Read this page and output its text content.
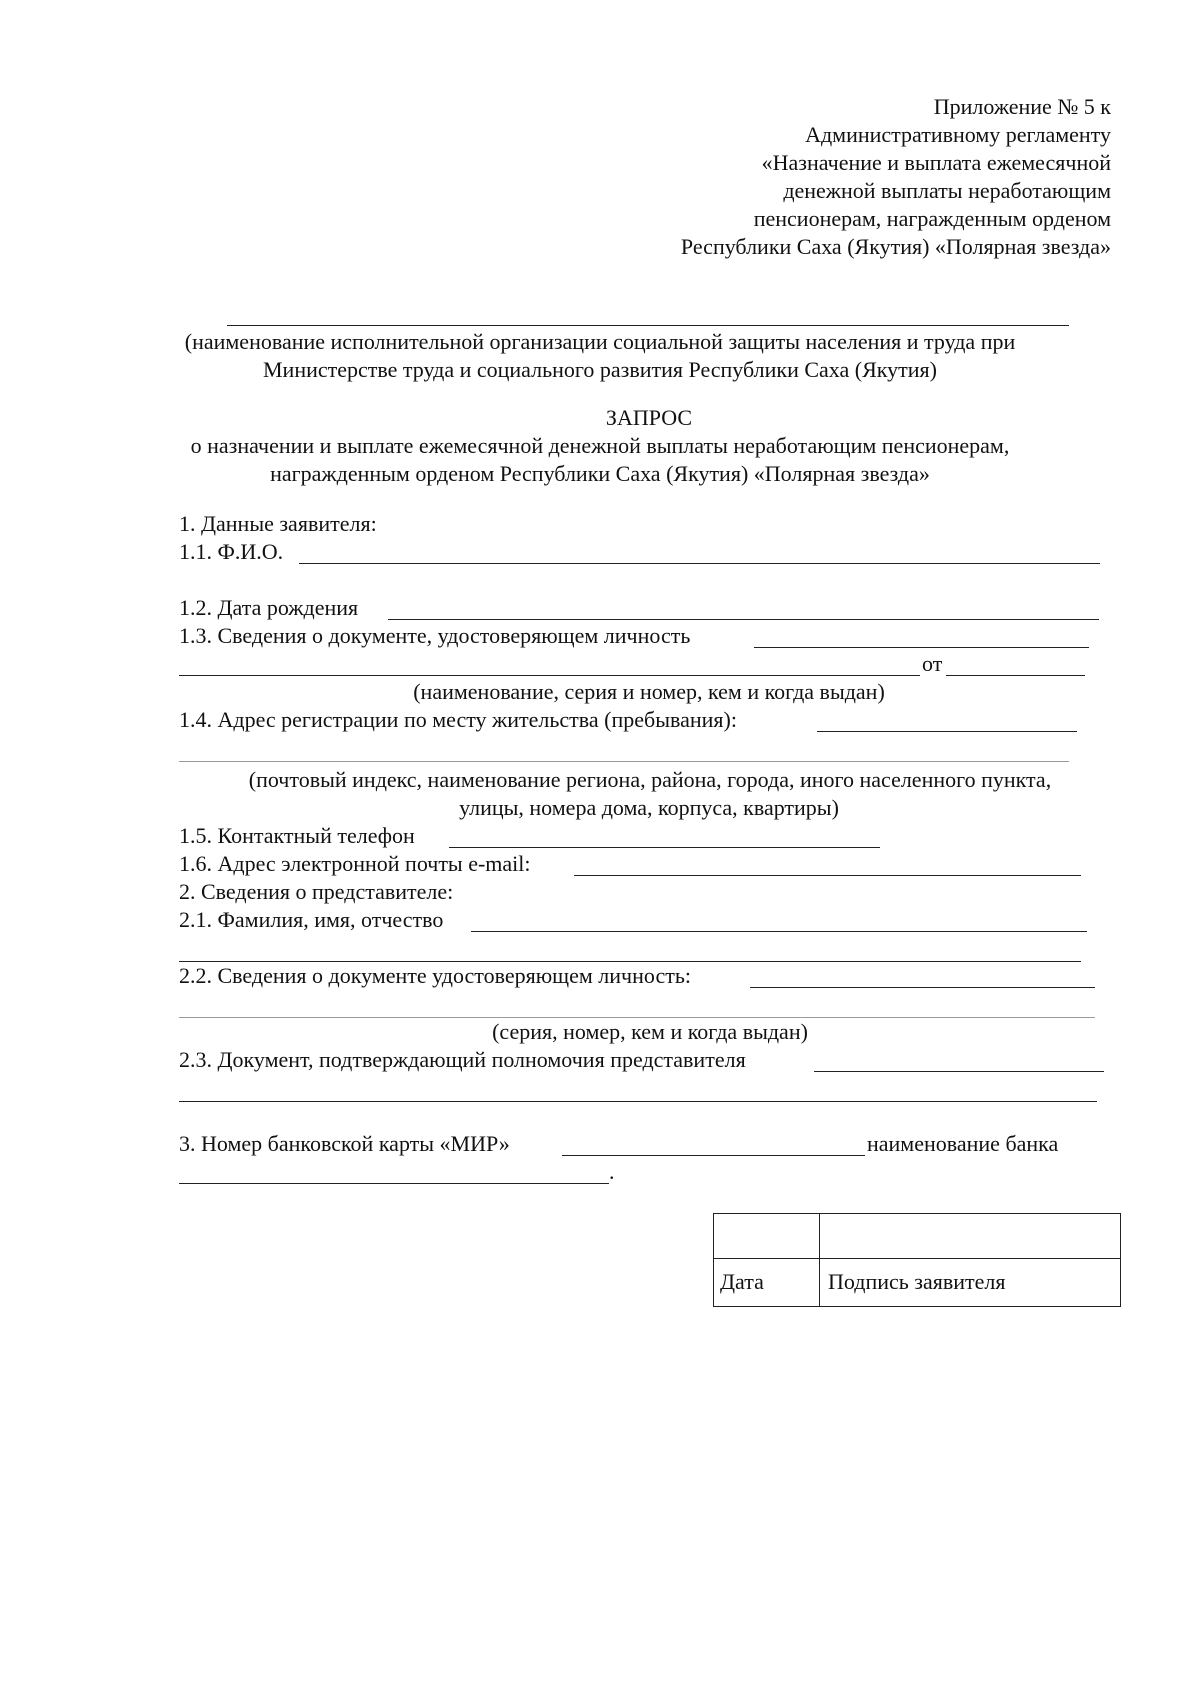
Приложение № 5 к
Административному регламенту
«Назначение и выплата ежемесячной
денежной выплаты неработающим
пенсионерам, награжденным орденом
Республики Саха (Якутия) «Полярная звезда»
(наименование исполнительной организации социальной защиты населения и труда при
Министерстве труда и социального развития Республики Саха (Якутия)
ЗАПРОС
о назначении и выплате ежемесячной денежной выплаты неработающим пенсионерам,
награжденным орденом Республики Саха (Якутия) «Полярная звезда»
1. Данные заявителя:
1.1. Ф.И.О.
1.2. Дата рождения
1.3. Сведения о документе, удостоверяющем личность
от
(наименование, серия и номер, кем и когда выдан)
1.4. Адрес регистрации по месту жительства (пребывания):
(почтовый индекс, наименование региона, района, города, иного населенного пункта,
улицы, номера дома, корпуса, квартиры)
1.5. Контактный телефон
1.6. Адрес электронной почты e-mail:
2. Сведения о представителе:
2.1. Фамилия, имя, отчество
2.2. Сведения о документе удостоверяющем личность:
(серия, номер, кем и когда выдан)
2.3. Документ, подтверждающий полномочия представителя
3. Номер банковской карты «МИР»	наименование банка
.
Дата	Подпись заявителя
